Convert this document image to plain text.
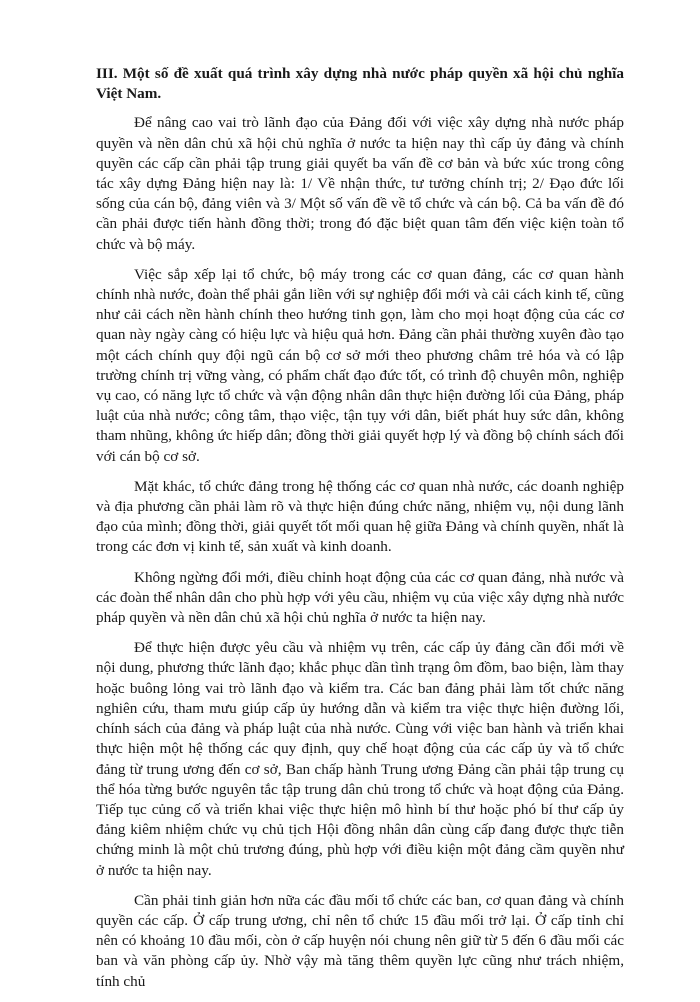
III. Một số đề xuất quá trình xây dựng nhà nước pháp quyền xã hội chủ nghĩa Việt Nam.

Để nâng cao vai trò lãnh đạo của Đảng đối với việc xây dựng nhà nước pháp quyền và nền dân chủ xã hội chủ nghĩa ở nước ta hiện nay thì cấp ủy đảng và chính quyền các cấp cần phải tập trung giải quyết ba vấn đề cơ bản và bức xúc trong công tác xây dựng Đảng hiện nay là: 1/ Về nhận thức, tư tưởng chính trị; 2/ Đạo đức lối sống của cán bộ, đảng viên và 3/ Một số vấn đề về tổ chức và cán bộ. Cả ba vấn đề đó cần phải được tiến hành đồng thời; trong đó đặc biệt quan tâm đến việc kiện toàn tổ chức và bộ máy.

Việc sắp xếp lại tổ chức, bộ máy trong các cơ quan đảng, các cơ quan hành chính nhà nước, đoàn thể phải gắn liền với sự nghiệp đổi mới và cải cách kinh tế, cũng như cải cách nền hành chính theo hướng tinh gọn, làm cho mọi hoạt động của các cơ quan này ngày càng có hiệu lực và hiệu quả hơn. Đảng cần phải thường xuyên đào tạo một cách chính quy đội ngũ cán bộ cơ sở mới theo phương châm trẻ hóa và có lập trường chính trị vững vàng, có phẩm chất đạo đức tốt, có trình độ chuyên môn, nghiệp vụ cao, có năng lực tổ chức và vận động nhân dân thực hiện đường lối của Đảng, pháp luật của nhà nước; công tâm, thạo việc, tận tụy với dân, biết phát huy sức dân, không tham nhũng, không ức hiếp dân; đồng thời giải quyết hợp lý và đồng bộ chính sách đối với cán bộ cơ sở.

Mặt khác, tổ chức đảng trong hệ thống các cơ quan nhà nước, các doanh nghiệp và địa phương cần phải làm rõ và thực hiện đúng chức năng, nhiệm vụ, nội dung lãnh đạo của mình; đồng thời, giải quyết tốt mối quan hệ giữa Đảng và chính quyền, nhất là trong các đơn vị kinh tế, sản xuất và kinh doanh.

Không ngừng đổi mới, điều chỉnh hoạt động của các cơ quan đảng, nhà nước và các đoàn thể nhân dân cho phù hợp với yêu cầu, nhiệm vụ của việc xây dựng nhà nước pháp quyền và nền dân chủ xã hội chủ nghĩa ở nước ta hiện nay.

Để thực hiện được yêu cầu và nhiệm vụ trên, các cấp ủy đảng cần đổi mới về nội dung, phương thức lãnh đạo; khắc phục dần tình trạng ôm đồm, bao biện, làm thay hoặc buông lỏng vai trò lãnh đạo và kiểm tra. Các ban đảng phải làm tốt chức năng nghiên cứu, tham mưu giúp cấp ủy hướng dẫn và kiểm tra việc thực hiện đường lối, chính sách của đảng và pháp luật của nhà nước. Cùng với việc ban hành và triển khai thực hiện một hệ thống các quy định, quy chế hoạt động của các cấp ủy và tổ chức đảng từ trung ương đến cơ sở, Ban chấp hành Trung ương Đảng cần phải tập trung cụ thể hóa từng bước nguyên tắc tập trung dân chủ trong tổ chức và hoạt động của Đảng. Tiếp tục củng cố và triển khai việc thực hiện mô hình bí thư hoặc phó bí thư cấp ủy đảng kiêm nhiệm chức vụ chủ tịch Hội đồng nhân dân cùng cấp đang được thực tiễn chứng minh là một chủ trương đúng, phù hợp với điều kiện một đảng cầm quyền như ở nước ta hiện nay.

Cần phải tinh giản hơn nữa các đầu mối tổ chức các ban, cơ quan đảng và chính quyền các cấp. Ở cấp trung ương, chỉ nên tổ chức 15 đầu mối trở lại. Ở cấp tỉnh chỉ nên có khoảng 10 đầu mối, còn ở cấp huyện nói chung nên giữ từ 5 đến 6 đầu mối các ban và văn phòng cấp ủy. Nhờ vậy mà tăng thêm quyền lực cũng như trách nhiệm, tính chủ
